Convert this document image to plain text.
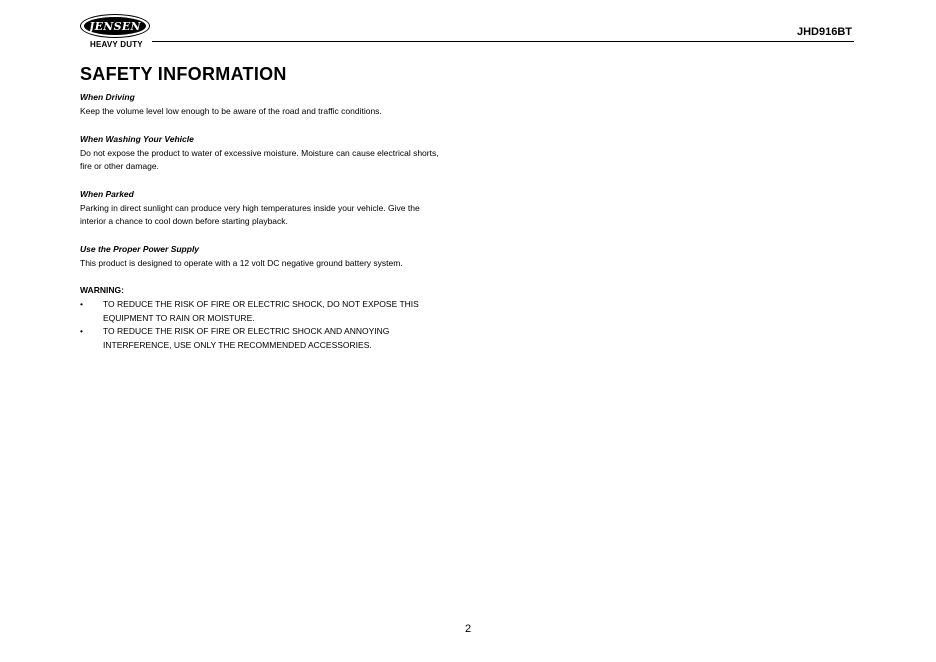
JENSEN
HEAVY DUTY
JHD916BT
SAFETY INFORMATION
When Driving
Keep the volume level low enough to be aware of the road and traffic conditions.
When Washing Your Vehicle
Do not expose the product to water of excessive moisture. Moisture can cause electrical shorts,
fire or other damage.
When Parked
Parking in direct sunlight can produce very high temperatures inside your vehicle. Give the
interior a chance to cool down before starting playback.
Use the Proper Power Supply
This product is designed to operate with a 12 volt DC negative ground battery system.
WARNING:
•	TO REDUCE THE RISK OF FIRE OR ELECTRIC SHOCK, DO NOT EXPOSE THIS
EQUIPMENT TO RAIN OR MOISTURE.
•	TO REDUCE THE RISK OF FIRE OR ELECTRIC SHOCK AND ANNOYING
INTERFERENCE, USE ONLY THE RECOMMENDED ACCESSORIES.
2
